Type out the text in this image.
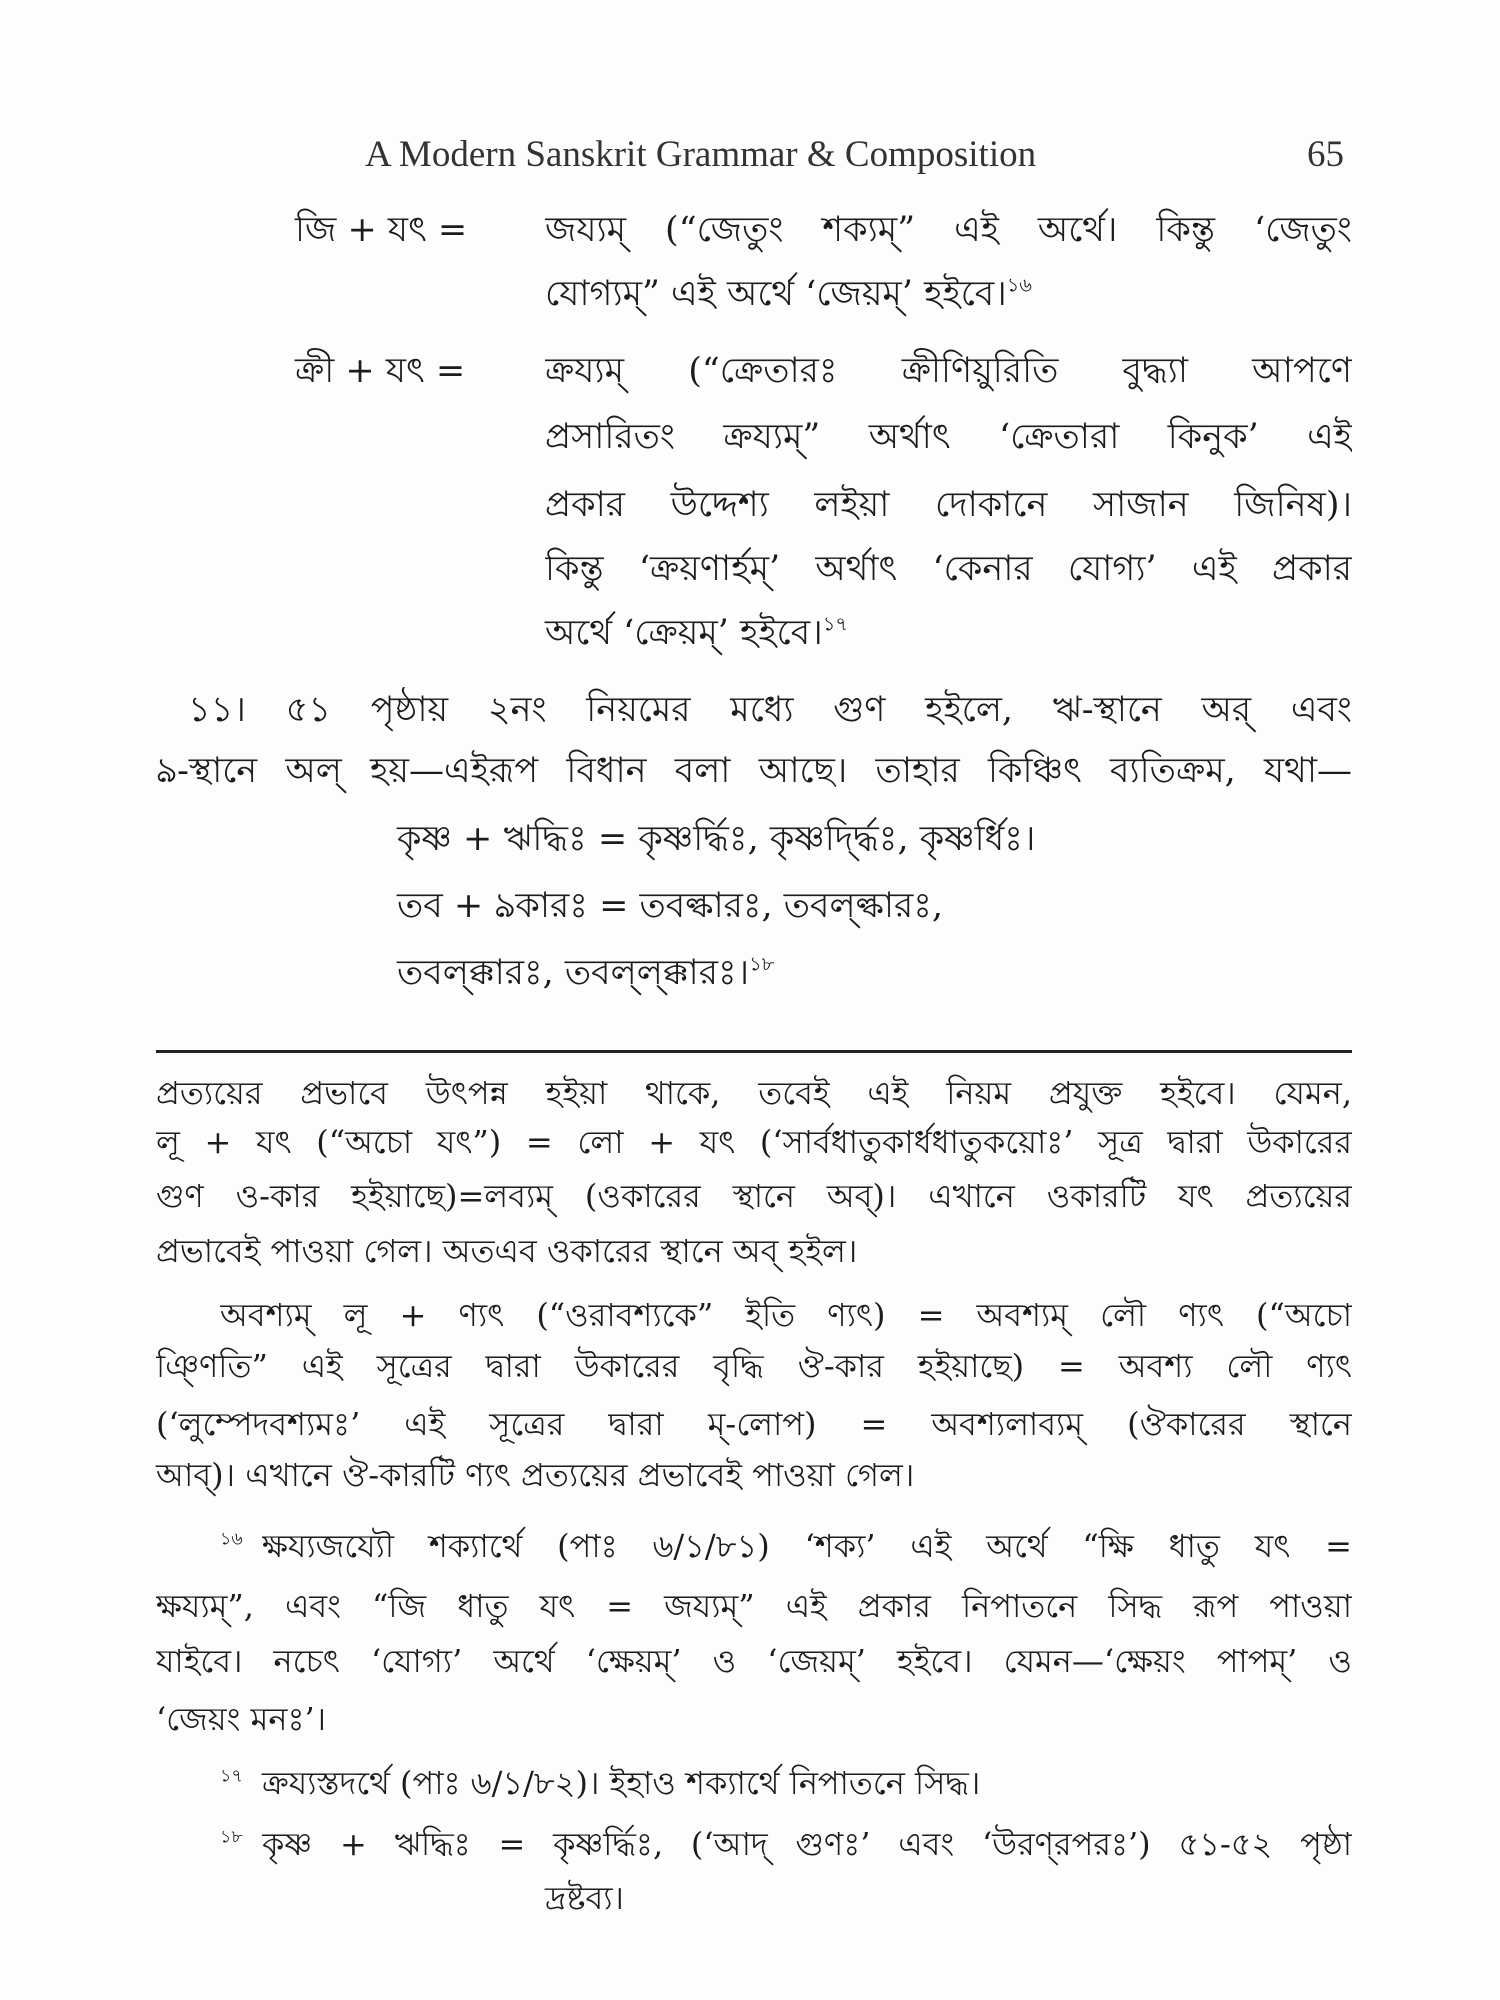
A Modern Sanskrit Grammar & Composition	65
জি + যৎ = জয্যম্ (“জেতুং শক্যম্” এই অর্থে। কিন্তু ‘জেতুং
যোগ্যম্” এই অর্থে ‘জেয়ম্’ হইবে।$^{১৬}$
ক্রী + যৎ = ক্রয্যম্ (“ক্রেতারঃ ক্রীণিয়ুরিতি বুদ্ধ্যা আপণে
প্রসারিতং ক্রয্যম্” অর্থাৎ ‘ক্রেতারা কিনুক’ এই
প্রকার উদ্দেশ্য লইয়া দোকানে সাজান জিনিষ)।
কিন্তু ‘ক্রয়ণার্হম্’ অর্থাৎ ‘কেনার যোগ্য’ এই প্রকার
অর্থে ‘ক্রেয়ম্’ হইবে।$^{১৭}$
১১। ৫১ পৃষ্ঠায় ২নং নিয়মের মধ্যে গুণ হইলে, ঋ-স্থানে অর্ এবং
ঌ-স্থানে অল্ হয়—এইরূপ বিধান বলা আছে। তাহার কিঞ্চিৎ ব্যতিক্রম, যথা—
কৃষ্ণ + ঋদ্ধিঃ = কৃষ্ণর্দ্ধিঃ, কৃষ্ণর্দ্দ্ধিঃ, কৃষ্ণর্ধিঃ।
তব + ঌকারঃ = তবল্কারঃ, তবল্ল্কারঃ,
তবল্ক্কারঃ, তবল্ল্ক্কারঃ।$^{১৮}$
প্রত্যয়ের প্রভাবে উৎপন্ন হইয়া থাকে, তবেই এই নিয়ম প্রযুক্ত হইবে। যেমন,
লূ + যৎ (“অচো যৎ”) = লো + যৎ (‘সার্বধাতুকার্ধধাতুকয়োঃ’ সূত্র দ্বারা উকারের
গুণ ও-কার হইয়াছে)=লব্যম্ (ওকারের স্থানে অব্)। এখানে ওকারটি যৎ প্রত্যয়ের
প্রভাবেই পাওয়া গেল। অতএব ওকারের স্থানে অব্ হইল।
অবশ্যম্ লূ + ণ্যৎ (“ওরাবশ্যকে” ইতি ণ্যৎ) = অবশ্যম্ লৌ ণ্যৎ (“অচো
ঞ্ণিতি” এই সূত্রের দ্বারা উকারের বৃদ্ধি ঔ-কার হইয়াছে) = অবশ্য লৌ ণ্যৎ
(‘লুম্পেদবশ্যমঃ’ এই সূত্রের দ্বারা ম্-লোপ) = অবশ্যলাব্যম্ (ঔকারের স্থানে
আব্)। এখানে ঔ-কারটি ণ্যৎ প্রত্যয়ের প্রভাবেই পাওয়া গেল।
$^{১৬}$ ক্ষয্যজয্যৌ শক্যার্থে (পাঃ ৬/১/৮১) ‘শক্য’ এই অর্থে “ক্ষি ধাতু যৎ =
ক্ষয্যম্”, এবং “জি ধাতু যৎ = জয্যম্” এই প্রকার নিপাতনে সিদ্ধ রূপ পাওয়া
যাইবে। নচেৎ ‘যোগ্য’ অর্থে ‘ক্ষেয়ম্’ ও ‘জেয়ম্’ হইবে। যেমন—‘ক্ষেয়ং পাপম্’ ও
‘জেয়ং মনঃ’।
$^{১৭}$ ক্রয্যস্তদর্থে (পাঃ ৬/১/৮২)। ইহাও শক্যার্থে নিপাতনে সিদ্ধ।
$^{১৮}$ কৃষ্ণ + ঋদ্ধিঃ = কৃষ্ণর্দ্ধিঃ, (‘আদ্ গুণঃ’ এবং ‘উরণ্‌রপরঃ’) ৫১-৫২ পৃষ্ঠা
দ্রষ্টব্য।
